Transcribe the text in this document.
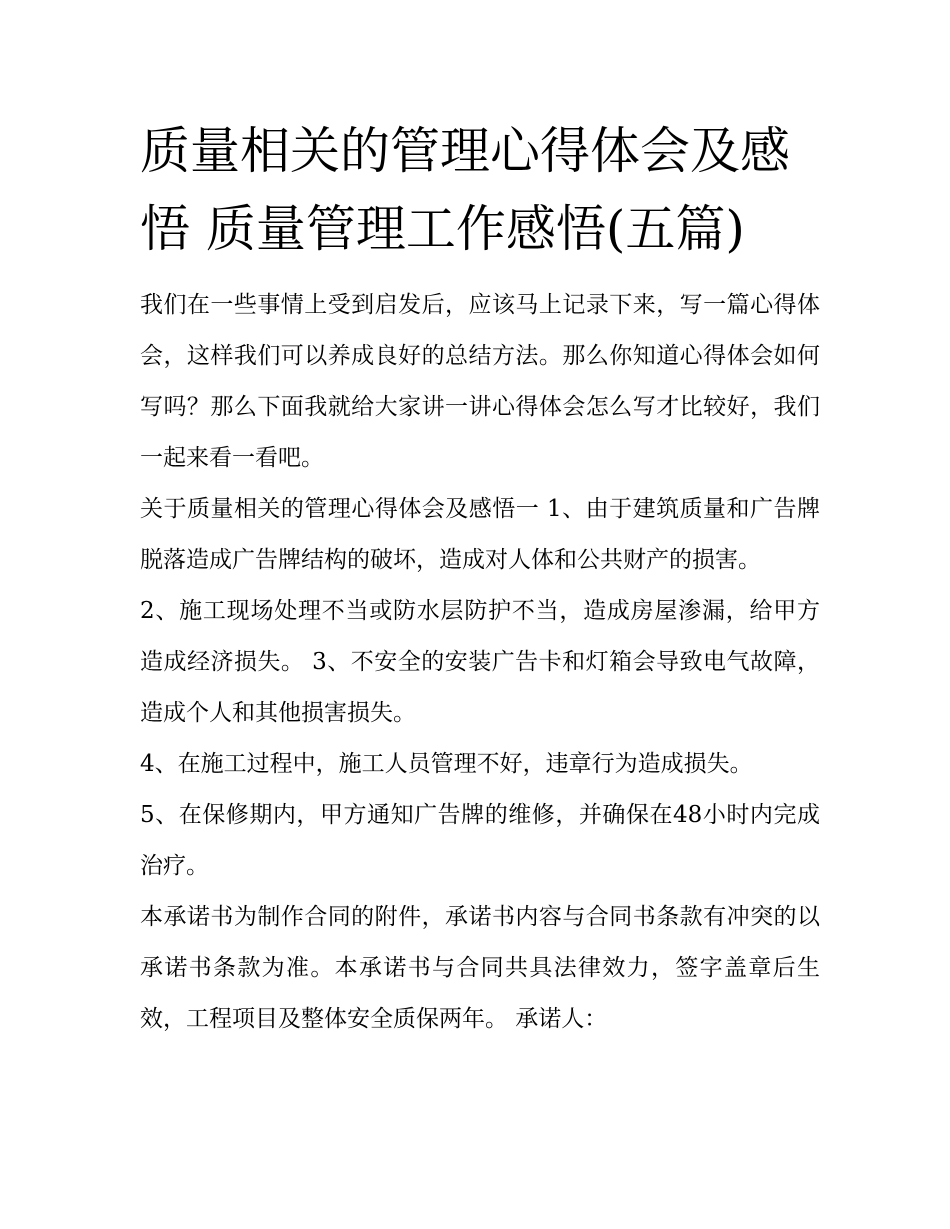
质量相关的管理心得体会及感悟 质量管理工作感悟(五篇)

我们在一些事情上受到启发后，应该马上记录下来，写一篇心得体会，这样我们可以养成良好的总结方法。那么你知道心得体会如何写吗？那么下面我就给大家讲一讲心得体会怎么写才比较好，我们一起来看一看吧。

关于质量相关的管理心得体会及感悟一 1、由于建筑质量和广告牌脱落造成广告牌结构的破坏，造成对人体和公共财产的损害。

2、施工现场处理不当或防水层防护不当，造成房屋渗漏，给甲方造成经济损失。 3、不安全的安装广告卡和灯箱会导致电气故障，造成个人和其他损害损失。

4、在施工过程中，施工人员管理不好，违章行为造成损失。

5、在保修期内，甲方通知广告牌的维修，并确保在48小时内完成治疗。

本承诺书为制作合同的附件，承诺书内容与合同书条款有冲突的以承诺书条款为准。本承诺书与合同共具法律效力，签字盖章后生效，工程项目及整体安全质保两年。 承诺人：
